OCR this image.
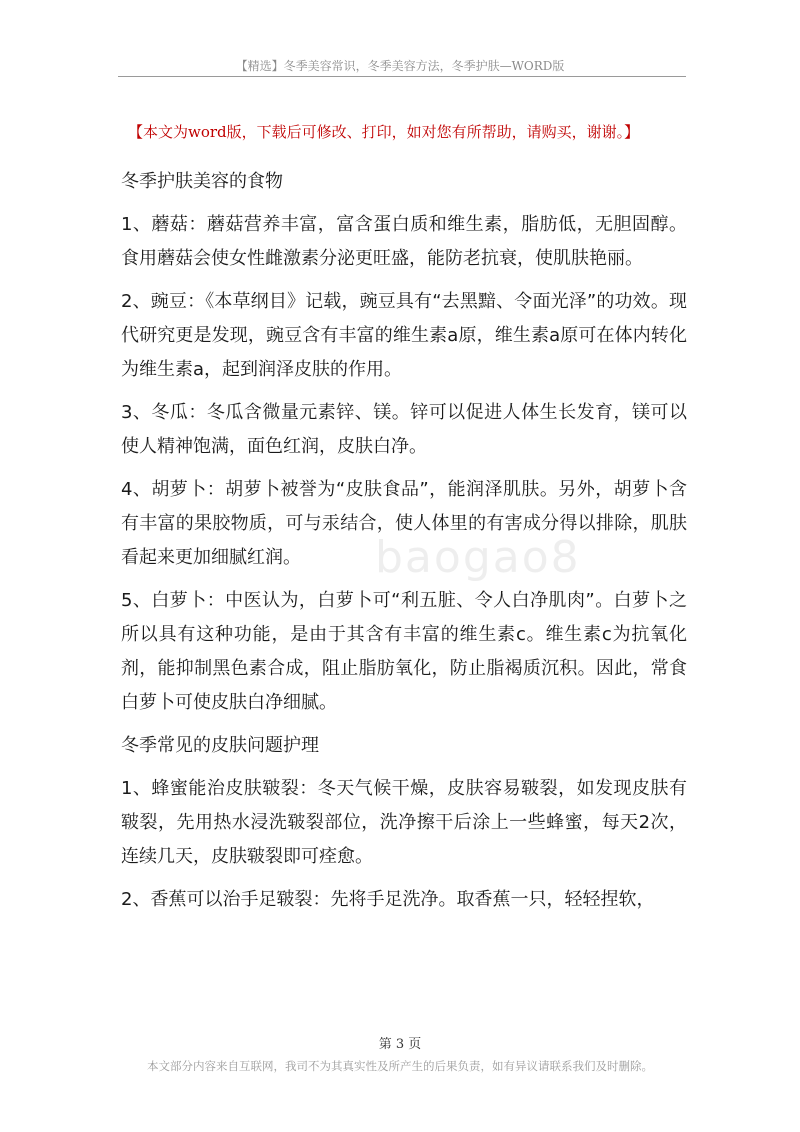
【精选】冬季美容常识，冬季美容方法，冬季护肤—WORD版
【本文为word版，下载后可修改、打印，如对您有所帮助，请购买，谢谢。】
baogao8

冬季护肤美容的食物

1、蘑菇：蘑菇营养丰富，富含蛋白质和维生素，脂肪低，无胆固醇。食用蘑菇会使女性雌激素分泌更旺盛，能防老抗衰，使肌肤艳丽。

2、豌豆：《本草纲目》记载，豌豆具有“去黑黯、令面光泽”的功效。现代研究更是发现，豌豆含有丰富的维生素a原，维生素a原可在体内转化为维生素a，起到润泽皮肤的作用。

3、冬瓜：冬瓜含微量元素锌、镁。锌可以促进人体生长发育，镁可以使人精神饱满，面色红润，皮肤白净。

4、胡萝卜：胡萝卜被誉为“皮肤食品”，能润泽肌肤。另外，胡萝卜含有丰富的果胶物质，可与汞结合，使人体里的有害成分得以排除，肌肤看起来更加细腻红润。

5、白萝卜：中医认为，白萝卜可“利五脏、令人白净肌肉”。白萝卜之所以具有这种功能，是由于其含有丰富的维生素c。维生素c为抗氧化剂，能抑制黑色素合成，阻止脂肪氧化，防止脂褐质沉积。因此，常食白萝卜可使皮肤白净细腻。

冬季常见的皮肤问题护理

1、蜂蜜能治皮肤皲裂：冬天气候干燥，皮肤容易皲裂，如发现皮肤有皲裂，先用热水浸洗皲裂部位，洗净擦干后涂上一些蜂蜜，每天2次，连续几天，皮肤皲裂即可痊愈。

2、香蕉可以治手足皲裂：先将手足洗净。取香蕉一只，轻轻捏软，

第 3 页
本文部分内容来自互联网，我司不为其真实性及所产生的后果负责，如有异议请联系我们及时删除。
